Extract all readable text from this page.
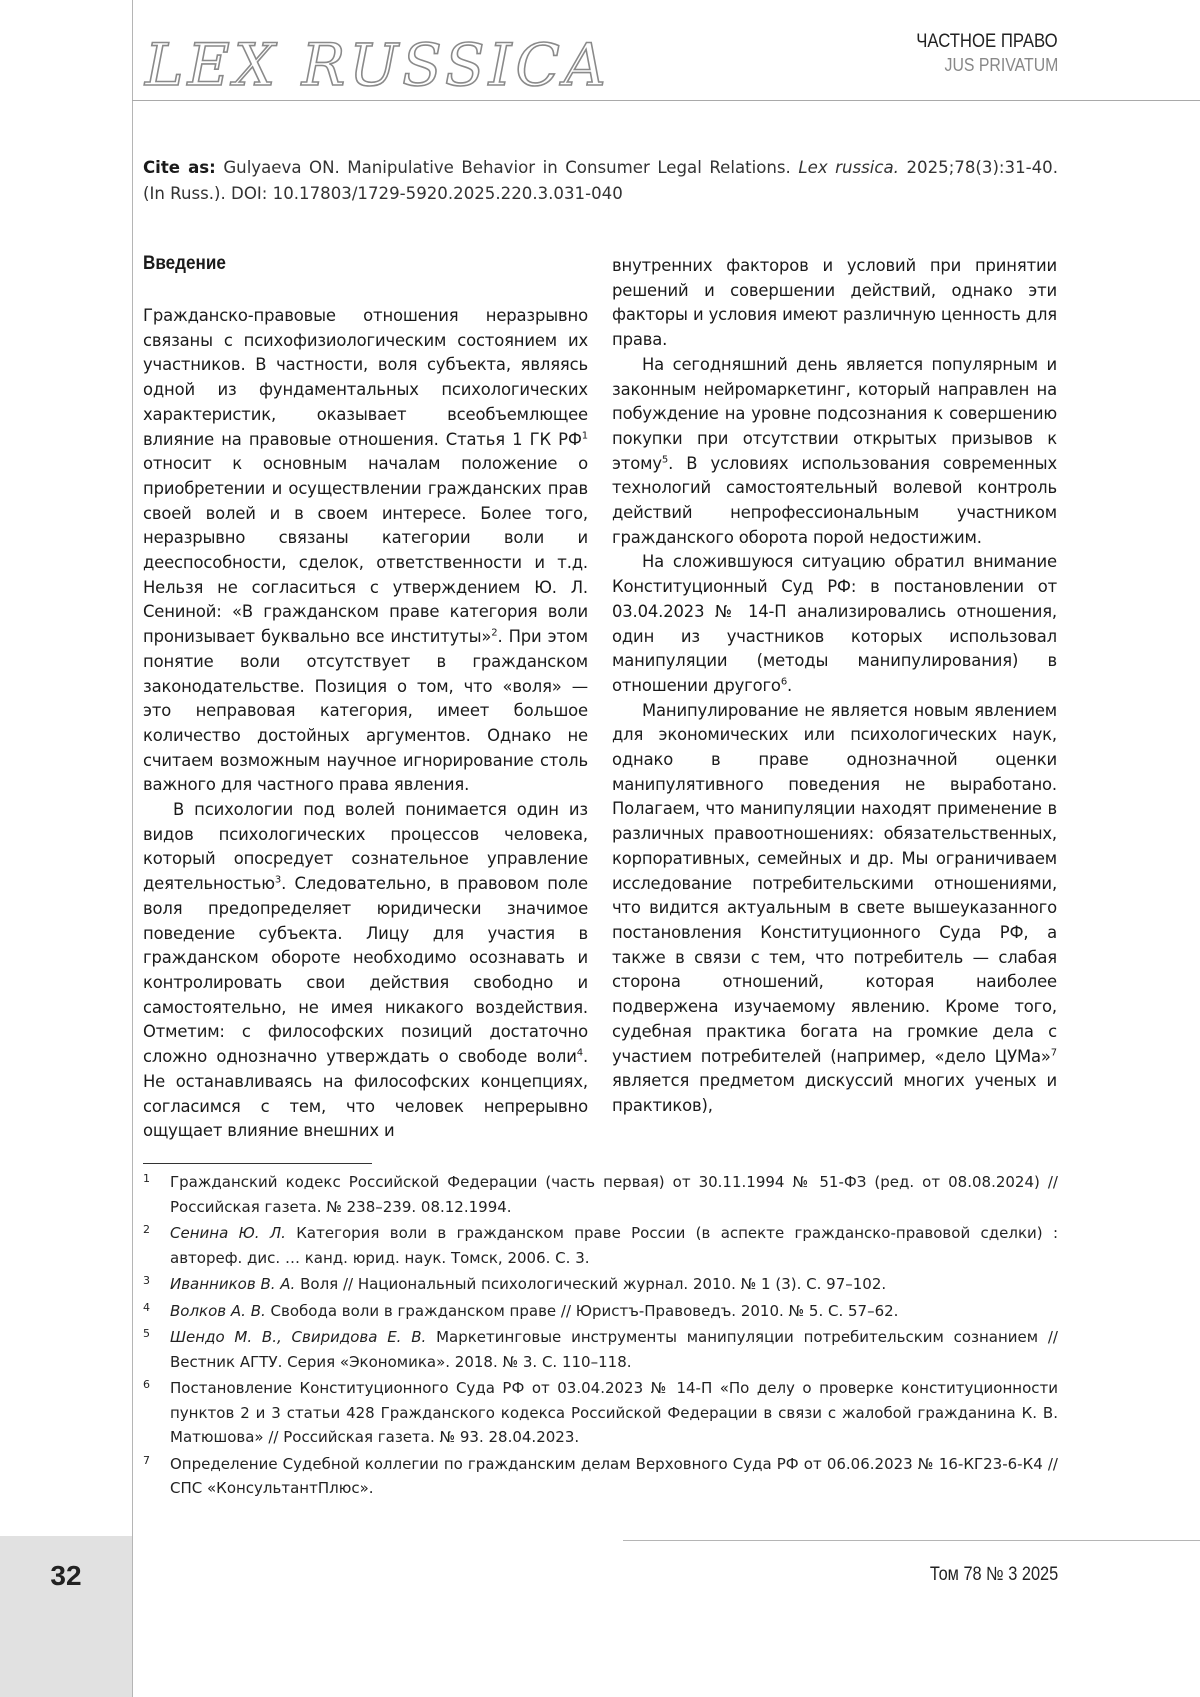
32
LEX RUSSICA	ЧАСТНОЕ ПРАВО
JUS PRIVATUM
Cite as: Gulyaeva ON. Manipulative Behavior in Consumer Legal Relations. Lex russica. 2025;78(3):31-40. (In Russ.). DOI: 10.17803/1729-5920.2025.220.3.031-040
Введение

Гражданско-правовые отношения неразрывно связаны с психофизиологическим состоянием их участников. В частности, воля субъекта, являясь одной из фундаментальных психологических характеристик, оказывает всеобъемлющее влияние на правовые отношения. Статья 1 ГК $РФ^1$ относит к основным началам положение о приобретении и осуществлении гражданских прав своей волей и в своем интересе. Более того, неразрывно связаны категории воли и дееспособности, сделок, ответственности и т.д. Нельзя не согласиться с утверждением Ю. Л. Сениной: «В гражданском праве категория воли пронизывает буквально все институты»$^2$. При этом понятие воли отсутствует в гражданском законодательстве. Позиция о том, что «воля» — это неправовая категория, имеет большое количество достойных аргументов. Однако не считаем возможным научное игнорирование столь важного для частного права явления.

В психологии под волей понимается один из видов психологических процессов человека, который опосредует сознательное управление деятельностью$^3$. Следовательно, в правовом поле воля предопределяет юридически значимое поведение субъекта. Лицу для участия в гражданском обороте необходимо осознавать и контролировать свои действия свободно и самостоятельно, не имея никакого воздействия. Отметим: с философских позиций достаточно сложно однозначно утверждать о свободе воли$^4$. Не останавливаясь на философских концепциях, согласимся с тем, что человек непрерывно ощущает влияние внешних и

внутренних факторов и условий при принятии решений и совершении действий, однако эти факторы и условия имеют различную ценность для права.

На сегодняшний день является популярным и законным нейромаркетинг, который направлен на побуждение на уровне подсознания к совершению покупки при отсутствии открытых призывов к этому$^5$. В условиях использования современных технологий самостоятельный волевой контроль действий непрофессиональным участником гражданского оборота порой недостижим.

На сложившуюся ситуацию обратил внимание Конституционный Суд РФ: в постановлении от 03.04.2023 № 14-П анализировались отношения, один из участников которых использовал манипуляции (методы манипулирования) в отношении другого$^6$.

Манипулирование не является новым явлением для экономических или психологических наук, однако в праве однозначной оценки манипулятивного поведения не выработано. Полагаем, что манипуляции находят применение в различных правоотношениях: обязательственных, корпоративных, семейных и др. Мы ограничиваем исследование потребительскими отношениями, что видится актуальным в свете вышеуказанного постановления Конституционного Суда РФ, а также в связи с тем, что потребитель — слабая сторона отношений, которая наиболее подвержена изучаемому явлению. Кроме того, судебная практика богата на громкие дела с участием потребителей (например, «дело ЦУМа»$^7$ является предметом дискуссий многих ученых и практиков),

1 Гражданский кодекс Российской Федерации (часть первая) от 30.11.1994 № 51-ФЗ (ред. от 08.08.2024) // Российская газета. № 238–239. 08.12.1994.
2 Сенина Ю. Л. Категория воли в гражданском праве России (в аспекте гражданско-правовой сделки) : автореф. дис. … канд. юрид. наук. Томск, 2006. С. 3.
3 Иванников В. А. Воля // Национальный психологический журнал. 2010. № 1 (3). С. 97–102.
4 Волков А. В. Свобода воли в гражданском праве // Юристъ-Правоведъ. 2010. № 5. С. 57–62.
5 Шендо М. В., Свиридова Е. В. Маркетинговые инструменты манипуляции потребительским сознанием // Вестник АГТУ. Серия «Экономика». 2018. № 3. С. 110–118.
6 Постановление Конституционного Суда РФ от 03.04.2023 № 14-П «По делу о проверке конституционности пунктов 2 и 3 статьи 428 Гражданского кодекса Российской Федерации в связи с жалобой гражданина К. В. Матюшова» // Российская газета. № 93. 28.04.2023.
7 Определение Судебной коллегии по гражданским делам Верховного Суда РФ от 06.06.2023 № 16-КГ23-6-К4 // СПС «КонсультантПлюс».
Том 78 № 3 2025
